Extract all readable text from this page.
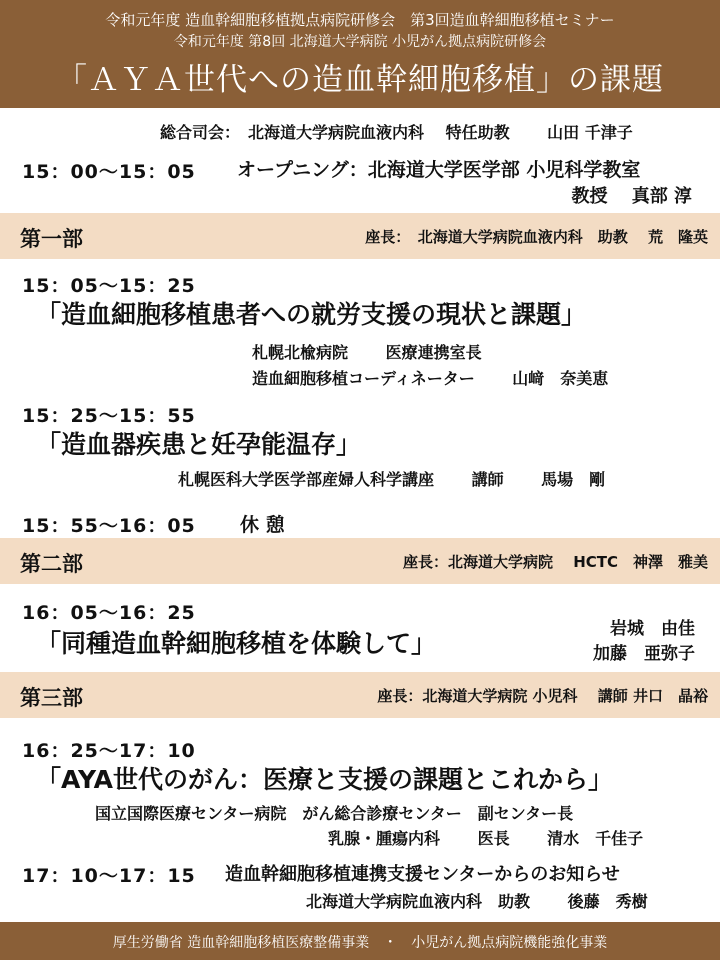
令和元年度 造血幹細胞移植拠点病院研修会　第3回造血幹細胞移植セミナー
令和元年度 第8回 北海道大学病院 小児がん拠点病院研修会
「ＡＹＡ世代への造血幹細胞移植」の課題
総合司会：　北海道大学病院血液内科　 特任助教　　 山田 千津子
15：00～15：05 オープニング：北海道大学医学部 小児科学教室
教授　 真部 淳
第一部	座長：　北海道大学病院血液内科　助教　 荒　隆英
15：05～15：25
「造血細胞移植患者への就労支援の現状と課題」
札幌北楡病院　　 医療連携室長
造血細胞移植コーディネーター　　 山﨑　奈美恵
15：25～15：55
「造血器疾患と妊孕能温存」
札幌医科大学医学部産婦人科学講座　　 講師　　 馬場　剛
15：55～16：05 休 憩
第二部	座長：北海道大学病院　 HCTC　神澤　雅美
16：05～16：25
「同種造血幹細胞移植を体験して」	岩城　由佳
加藤　亜弥子
第三部	座長：北海道大学病院 小児科　 講師 井口　晶裕
16：25～17：10
「AYA世代のがん：医療と支援の課題とこれから」
国立国際医療センター病院　がん総合診療センター　副センター長
乳腺・腫瘍内科　　 医長　　 清水　千佳子
17：10～17：15 造血幹細胞移植連携支援センターからのお知らせ
北海道大学病院血液内科　助教　　 後藤　秀樹
厚生労働省 造血幹細胞移植医療整備事業　・　小児がん拠点病院機能強化事業
